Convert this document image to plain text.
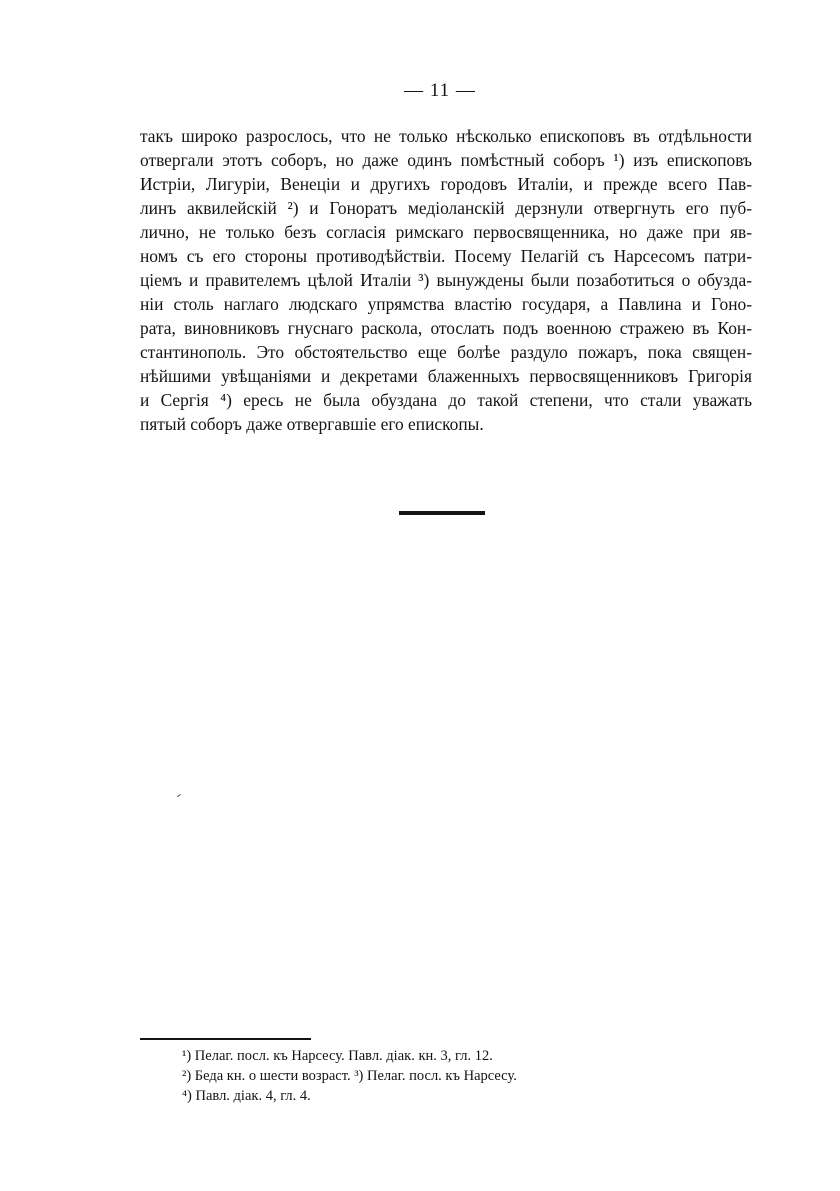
— 11 —
такъ широко разрослось, что не только нѣсколько епископовъ въ отдѣльности
отвергали этотъ соборъ, но даже одинъ помѣстный соборъ ¹) изъ епископовъ
Истріи, Лигуріи, Венеціи и другихъ городовъ Италіи, и прежде всего Пав-
линъ аквилейскій ²) и Гоноратъ медіоланскій дерзнули отвергнуть его пуб-
лично, не только безъ согласія римскаго первосвященника, но даже при яв-
номъ съ его стороны противодѣйствіи. Посему Пелагій съ Нарсесомъ патри-
ціемъ и правителемъ цѣлой Италіи ³) вынуждены были позаботиться о обузда-
ніи столь наглаго людскаго упрямства властію государя, а Павлина и Гоно-
рата, виновниковъ гнуснаго раскола, отослать подъ военною стражею въ Кон-
стантинополь. Это обстоятельство еще болѣе раздуло пожаръ, пока священ-
нѣйшими увѣщаніями и декретами блаженныхъ первосвященниковъ Григорія
и Сергія ⁴) ересь не была обуздана до такой степени, что стали уважать
пятый соборъ даже отвергавшіе его епископы.
¹) Пелаг. посл. къ Нарсесу. Павл. діак. кн. 3, гл. 12.
²) Беда кн. о шести возраст. ³) Пелаг. посл. къ Нарсесу.
⁴) Павл. діак. 4, гл. 4.
